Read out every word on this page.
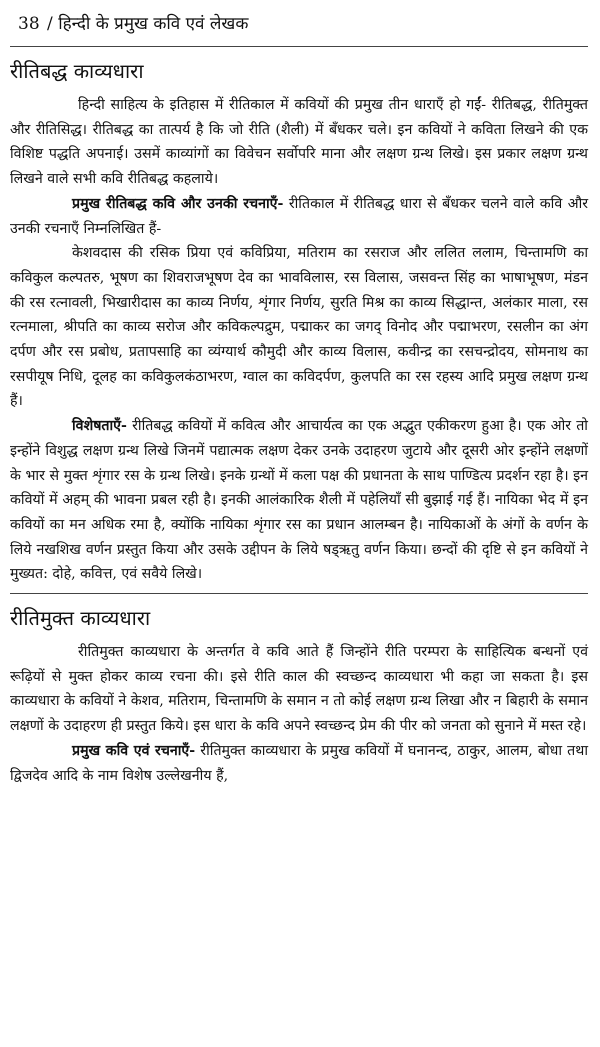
38 / हिन्दी के प्रमुख कवि एवं लेखक
रीतिबद्ध काव्यधारा

हिन्दी साहित्य के इतिहास में रीतिकाल में कवियों की प्रमुख तीन धाराएँ हो गईं- रीतिबद्ध, रीतिमुक्त और रीतिसिद्ध। रीतिबद्ध का तात्पर्य है कि जो रीति (शैली) में बँधकर चले। इन कवियों ने कविता लिखने की एक विशिष्ट पद्धति अपनाई। उसमें काव्यांगों का विवेचन सर्वोपरि माना और लक्षण ग्रन्थ लिखे। इस प्रकार लक्षण ग्रन्थ लिखने वाले सभी कवि रीतिबद्ध कहलाये।

प्रमुख रीतिबद्ध कवि और उनकी रचनाएँ- रीतिकाल में रीतिबद्ध धारा से बँधकर चलने वाले कवि और उनकी रचनाएँ निम्नलिखित हैं-

केशवदास की रसिक प्रिया एवं कविप्रिया, मतिराम का रसराज और ललित ललाम, चिन्तामणि का कविकुल कल्पतरु, भूषण का शिवराजभूषण देव का भावविलास, रस विलास, जसवन्त सिंह का भाषाभूषण, मंडन की रस रत्नावली, भिखारीदास का काव्य निर्णय, शृंगार निर्णय, सुरति मिश्र का काव्य सिद्धान्त, अलंकार माला, रस रत्नमाला, श्रीपति का काव्य सरोज और कविकल्पद्रुम, पद्माकर का जगद् विनोद और पद्माभरण, रसलीन का अंग दर्पण और रस प्रबोध, प्रतापसाहि का व्यंग्यार्थ कौमुदी और काव्य विलास, कवीन्द्र का रसचन्द्रोदय, सोमनाथ का रसपीयूष निधि, दूलह का कविकुलकंठाभरण, ग्वाल का कविदर्पण, कुलपति का रस रहस्य आदि प्रमुख लक्षण ग्रन्थ हैं।

विशेषताएँ- रीतिबद्ध कवियों में कवित्व और आचार्यत्व का एक अद्भुत एकीकरण हुआ है। एक ओर तो इन्होंने विशुद्ध लक्षण ग्रन्थ लिखे जिनमें पद्यात्मक लक्षण देकर उनके उदाहरण जुटाये और दूसरी ओर इन्होंने लक्षणों के भार से मुक्त शृंगार रस के ग्रन्थ लिखे। इनके ग्रन्थों में कला पक्ष की प्रधानता के साथ पाण्डित्य प्रदर्शन रहा है। इन कवियों में अहम् की भावना प्रबल रही है। इनकी आलंकारिक शैली में पहेलियाँ सी बुझाई गई हैं। नायिका भेद में इन कवियों का मन अधिक रमा है, क्योंकि नायिका शृंगार रस का प्रधान आलम्बन है। नायिकाओं के अंगों के वर्णन के लिये नखशिख वर्णन प्रस्तुत किया और उसके उद्दीपन के लिये षड्ऋतु वर्णन किया। छन्दों की दृष्टि से इन कवियों ने मुख्यत: दोहे, कवित्त, एवं सवैये लिखे।

रीतिमुक्त काव्यधारा

रीतिमुक्त काव्यधारा के अन्तर्गत वे कवि आते हैं जिन्होंने रीति परम्परा के साहित्यिक बन्धनों एवं रूढ़ियों से मुक्त होकर काव्य रचना की। इसे रीति काल की स्वच्छन्द काव्यधारा भी कहा जा सकता है। इस काव्यधारा के कवियों ने केशव, मतिराम, चिन्तामणि के समान न तो कोई लक्षण ग्रन्थ लिखा और न बिहारी के समान लक्षणों के उदाहरण ही प्रस्तुत किये। इस धारा के कवि अपने स्वच्छन्द प्रेम की पीर को जनता को सुनाने में मस्त रहे।

प्रमुख कवि एवं रचनाएँ- रीतिमुक्त काव्यधारा के प्रमुख कवियों में घनानन्द, ठाकुर, आलम, बोधा तथा द्विजदेव आदि के नाम विशेष उल्लेखनीय हैं,
